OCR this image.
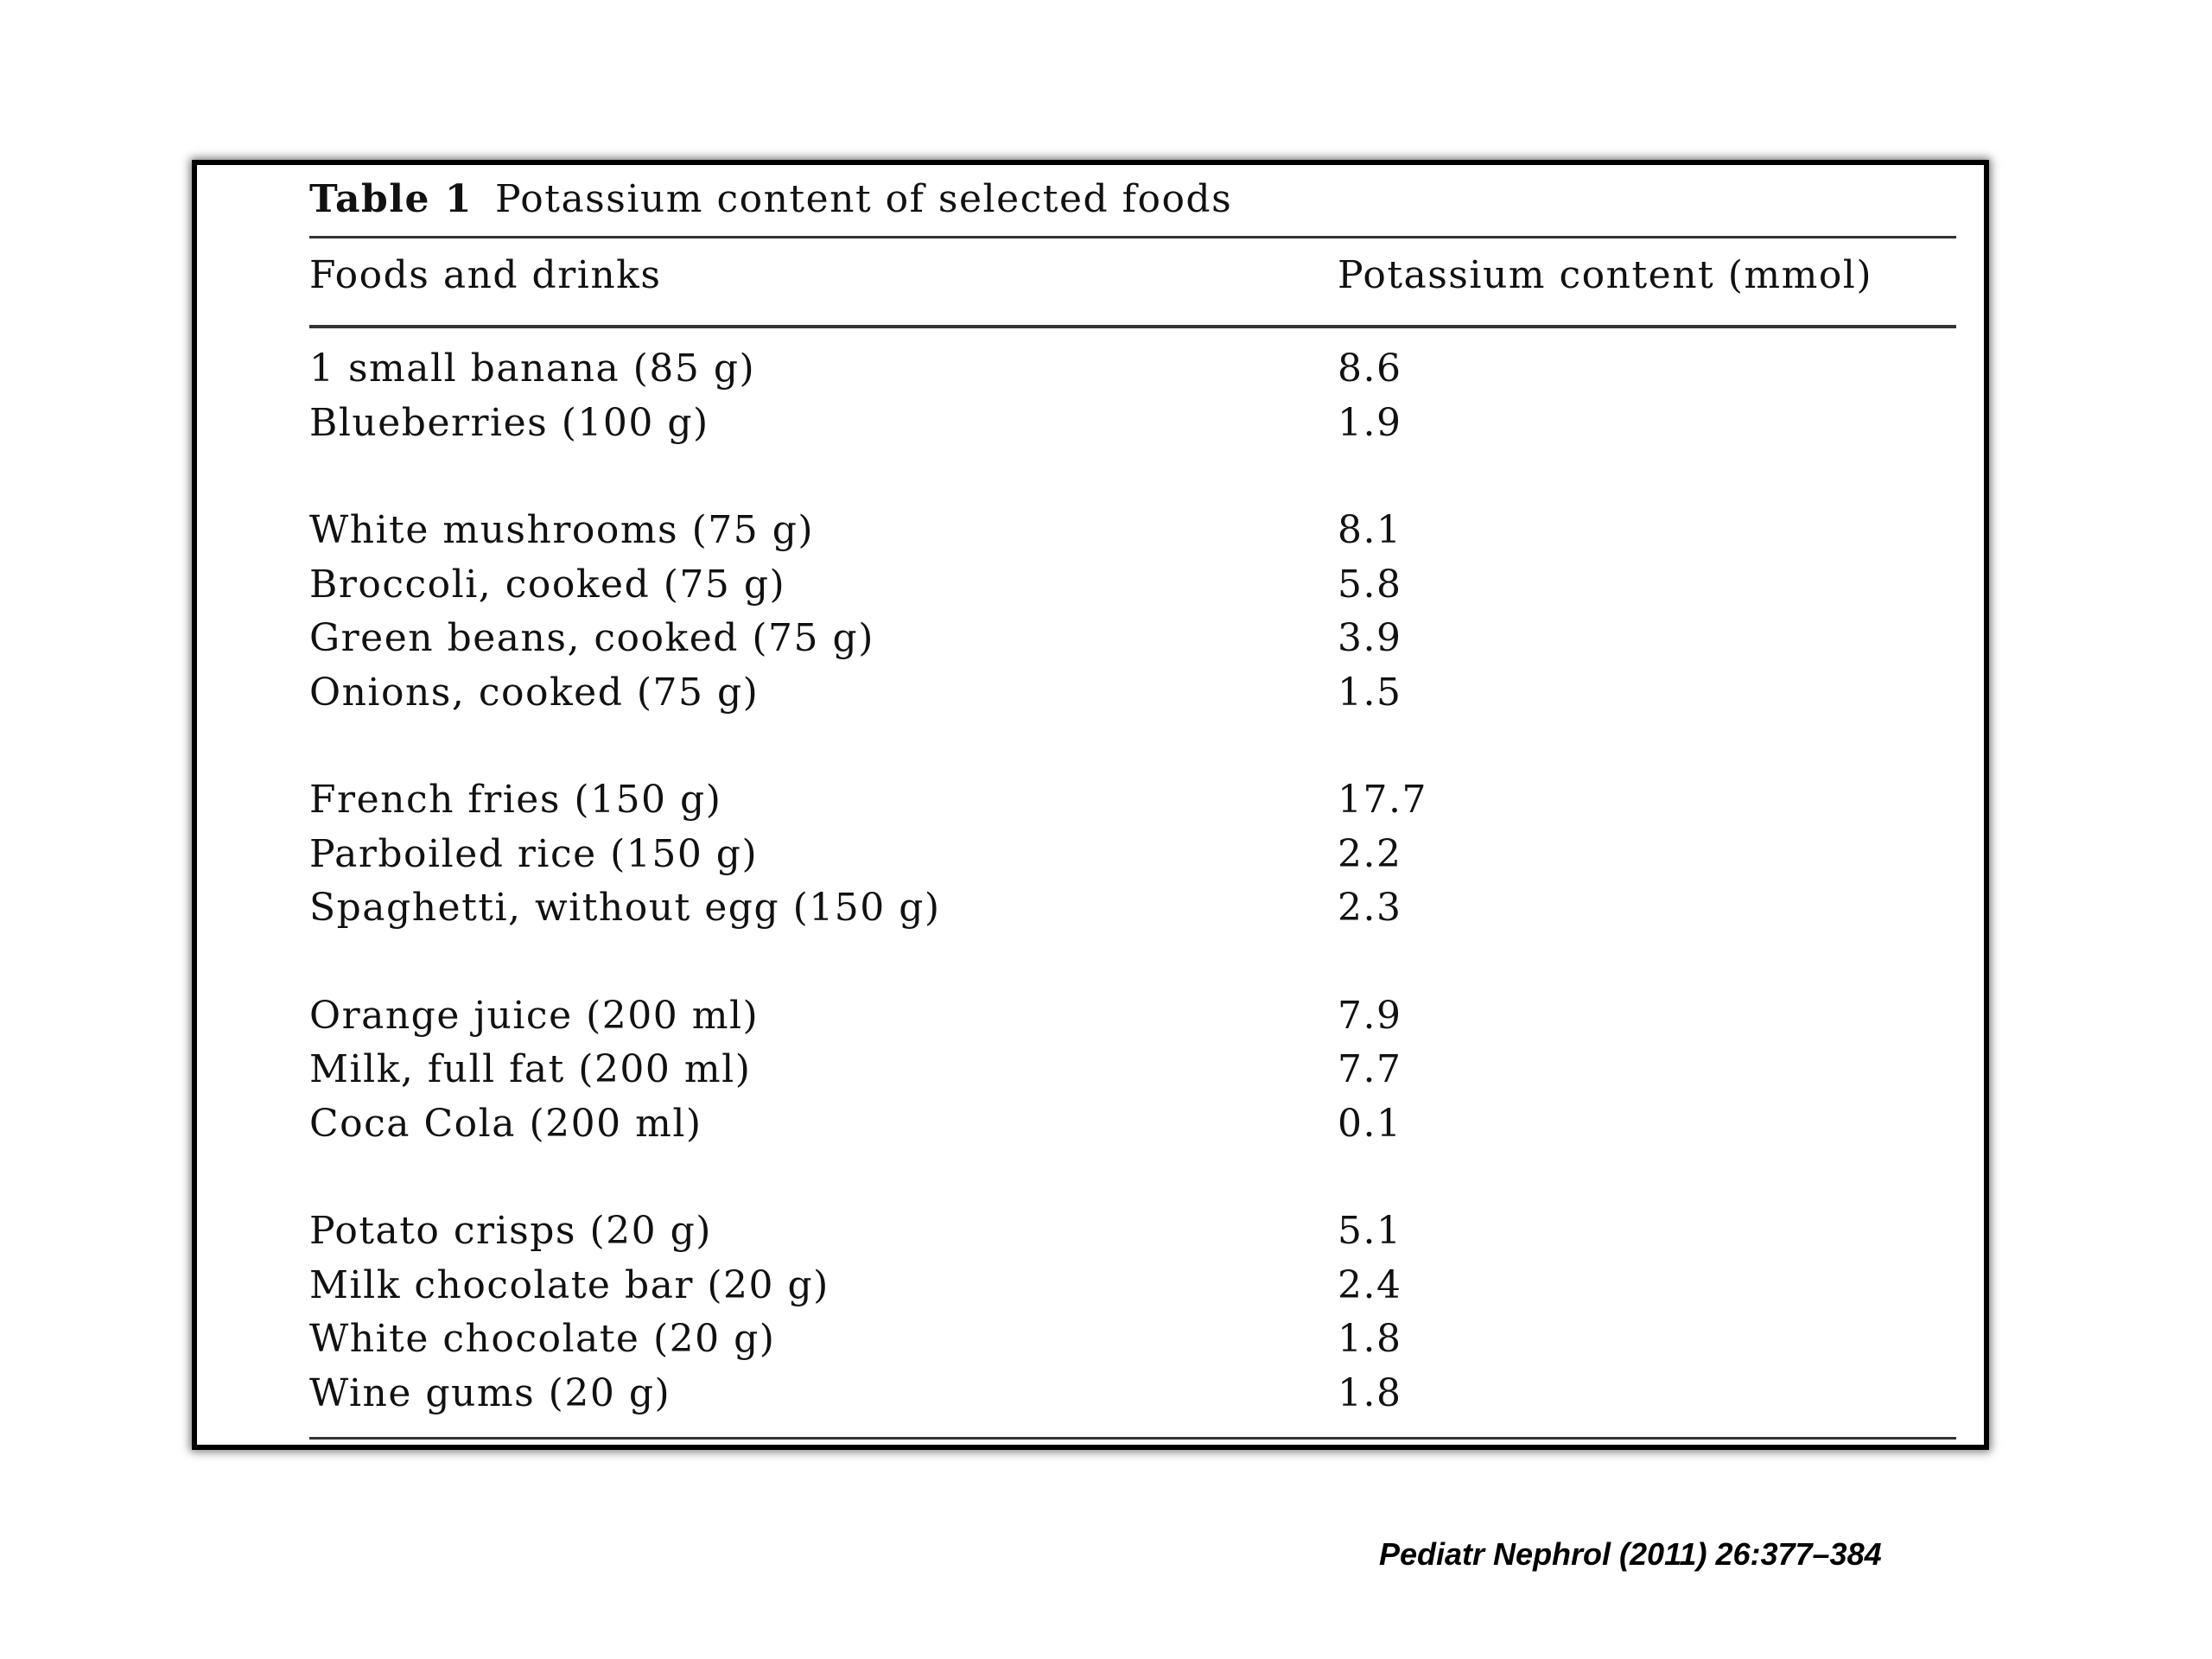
Table 1 Potassium content of selected foods
Foods and drinks	Potassium content (mmol)
1 small banana (85 g)	8.6
Blueberries (100 g)	1.9
White mushrooms (75 g)	8.1
Broccoli, cooked (75 g)	5.8
Green beans, cooked (75 g)	3.9
Onions, cooked (75 g)	1.5
French fries (150 g)	17.7
Parboiled rice (150 g)	2.2
Spaghetti, without egg (150 g)	2.3
Orange juice (200 ml)	7.9
Milk, full fat (200 ml)	7.7
Coca Cola (200 ml)	0.1
Potato crisps (20 g)	5.1
Milk chocolate bar (20 g)	2.4
White chocolate (20 g)	1.8
Wine gums (20 g)	1.8
Pediatr Nephrol (2011) 26:377–384
